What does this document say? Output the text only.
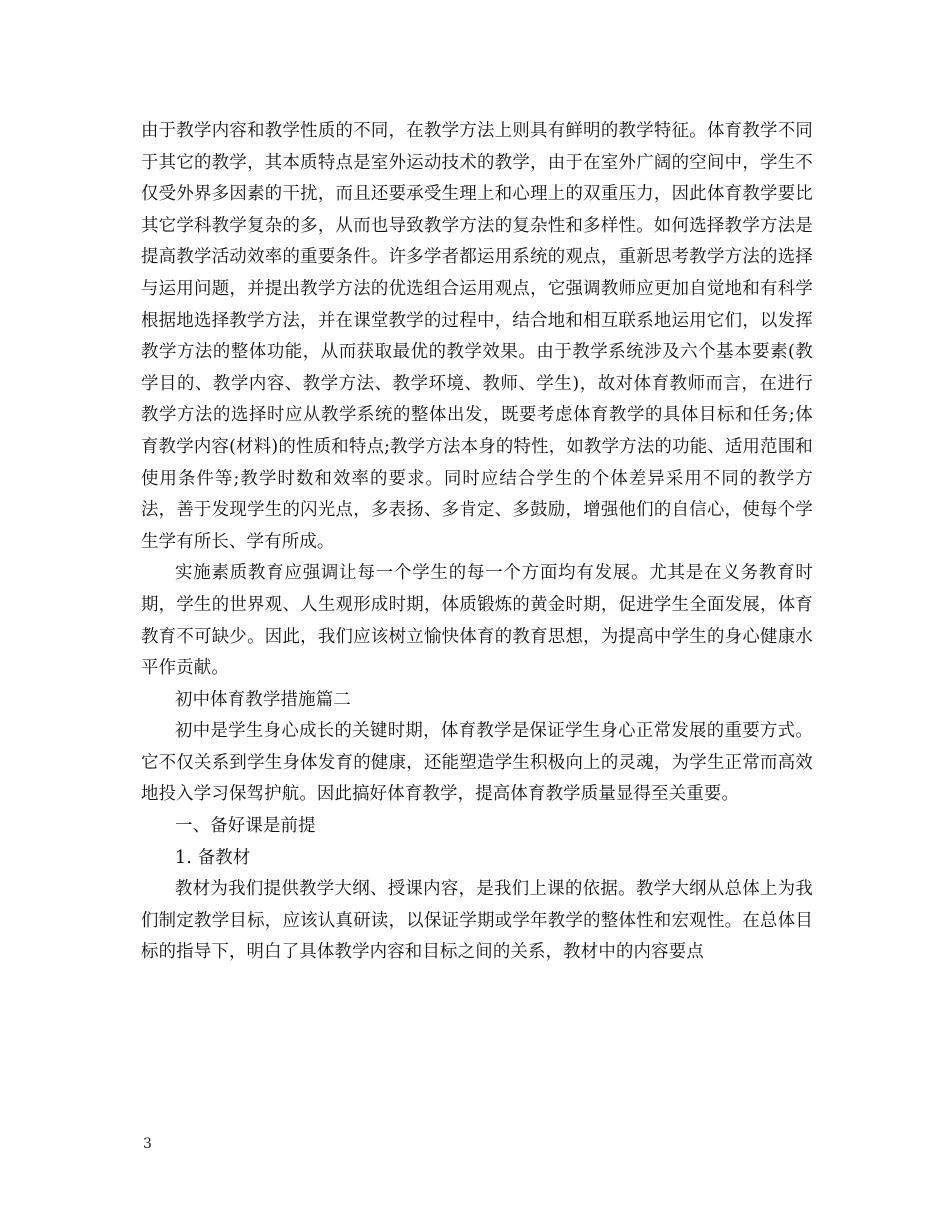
由于教学内容和教学性质的不同，在教学方法上则具有鲜明的教学特征。体育教学不同于其它的教学，其本质特点是室外运动技术的教学，由于在室外广阔的空间中，学生不仅受外界多因素的干扰，而且还要承受生理上和心理上的双重压力，因此体育教学要比其它学科教学复杂的多，从而也导致教学方法的复杂性和多样性。如何选择教学方法是提高教学活动效率的重要条件。许多学者都运用系统的观点，重新思考教学方法的选择与运用问题，并提出教学方法的优选组合运用观点，它强调教师应更加自觉地和有科学根据地选择教学方法，并在课堂教学的过程中，结合地和相互联系地运用它们，以发挥教学方法的整体功能，从而获取最优的教学效果。由于教学系统涉及六个基本要素(教学目的、教学内容、教学方法、教学环境、教师、学生)，故对体育教师而言，在进行教学方法的选择时应从教学系统的整体出发，既要考虑体育教学的具体目标和任务;体育教学内容(材料)的性质和特点;教学方法本身的特性，如教学方法的功能、适用范围和使用条件等;教学时数和效率的要求。同时应结合学生的个体差异采用不同的教学方法，善于发现学生的闪光点，多表扬、多肯定、多鼓励，增强他们的自信心，使每个学生学有所长、学有所成。

实施素质教育应强调让每一个学生的每一个方面均有发展。尤其是在义务教育时期，学生的世界观、人生观形成时期，体质锻炼的黄金时期，促进学生全面发展，体育教育不可缺少。因此，我们应该树立愉快体育的教育思想，为提高中学生的身心健康水平作贡献。

初中体育教学措施篇二

初中是学生身心成长的关键时期，体育教学是保证学生身心正常发展的重要方式。它不仅关系到学生身体发育的健康，还能塑造学生积极向上的灵魂，为学生正常而高效地投入学习保驾护航。因此搞好体育教学，提高体育教学质量显得至关重要。

一、备好课是前提

1. 备教材

教材为我们提供教学大纲、授课内容，是我们上课的依据。教学大纲从总体上为我们制定教学目标，应该认真研读，以保证学期或学年教学的整体性和宏观性。在总体目标的指导下，明白了具体教学内容和目标之间的关系，教材中的内容要点

3
